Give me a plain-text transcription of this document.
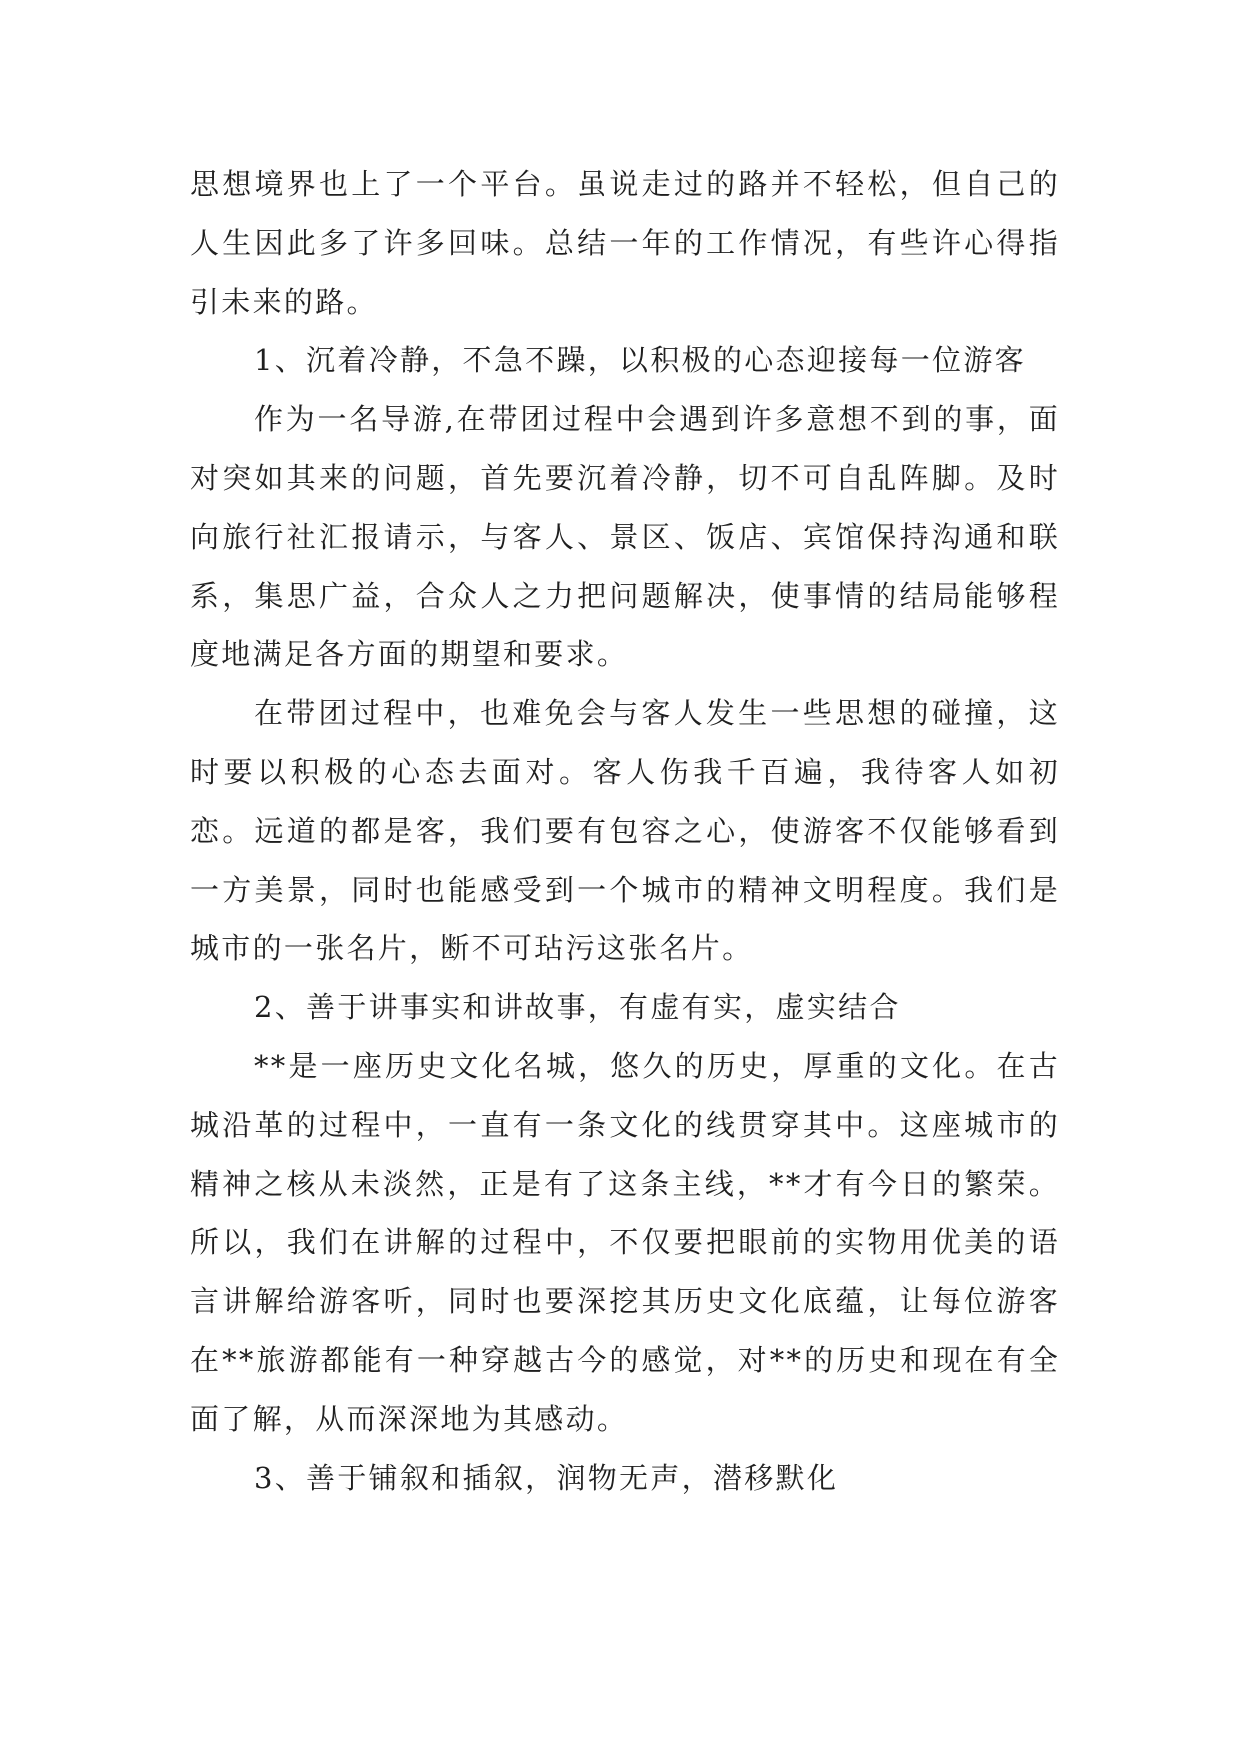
思想境界也上了一个平台。虽说走过的路并不轻松，但自己的人生因此多了许多回味。总结一年的工作情况，有些许心得指引未来的路。

1、沉着冷静，不急不躁，以积极的心态迎接每一位游客

作为一名导游,在带团过程中会遇到许多意想不到的事，面对突如其来的问题，首先要沉着冷静，切不可自乱阵脚。及时向旅行社汇报请示，与客人、景区、饭店、宾馆保持沟通和联系，集思广益，合众人之力把问题解决，使事情的结局能够程度地满足各方面的期望和要求。

在带团过程中，也难免会与客人发生一些思想的碰撞，这时要以积极的心态去面对。客人伤我千百遍，我待客人如初恋。远道的都是客，我们要有包容之心，使游客不仅能够看到一方美景，同时也能感受到一个城市的精神文明程度。我们是城市的一张名片，断不可玷污这张名片。

2、善于讲事实和讲故事，有虚有实，虚实结合

**是一座历史文化名城，悠久的历史，厚重的文化。在古城沿革的过程中，一直有一条文化的线贯穿其中。这座城市的精神之核从未淡然，正是有了这条主线，**才有今日的繁荣。所以，我们在讲解的过程中，不仅要把眼前的实物用优美的语言讲解给游客听，同时也要深挖其历史文化底蕴，让每位游客在**旅游都能有一种穿越古今的感觉，对**的历史和现在有全面了解，从而深深地为其感动。

3、善于铺叙和插叙，润物无声，潜移默化
